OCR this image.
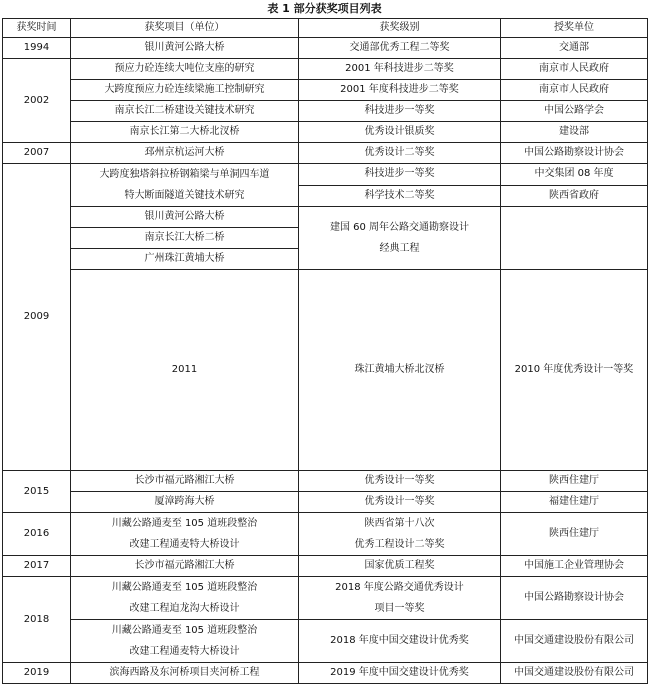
表 1 部分获奖项目列表
获奖时间	获奖项目（单位）	获奖级别	授奖单位	
1994	银川黄河公路大桥	交通部优秀工程二等奖	交通部	
2002	预应力砼连续大吨位支座的研究	2001 年科技进步二等奖	南京市人民政府	
	大跨度预应力砼连续梁施工控制研究	2001 年度科技进步二等奖	南京市人民政府	
	南京长江二桥建设关键技术研究	科技进步一等奖	中国公路学会	
	南京长江第二大桥北汊桥	优秀设计银质奖	建设部	
2007	邳州京杭运河大桥	优秀设计二等奖	中国公路勘察设计协会	
2009	大跨度独塔斜拉桥钢箱梁与单洞四车道
特大断面隧道关键技术研究	科技进步一等奖	中交集团 08 年度	
		科学技术二等奖	陕西省政府	
	银川黄河公路大桥	建国 60 周年公路交通勘察设计
经典工程		

	南京长江大桥二桥			
	广州珠江黄埔大桥			
	2011	珠江黄埔大桥北汊桥	2010 年度优秀设计一等奖	
2015	长沙市福元路湘江大桥	优秀设计一等奖	陕西住建厅	
	厦漳跨海大桥	优秀设计一等奖	福建住建厅	
2016	川藏公路通麦至 105 道班段整治
改建工程通麦特大桥设计	陕西省第十八次
优秀工程设计二等奖	陕西住建厅	
2017	长沙市福元路湘江大桥	国家优质工程奖	中国施工企业管理协会	
2018	川藏公路通麦至 105 道班段整治
改建工程迫龙沟大桥设计	2018 年度公路交通优秀设计
项目一等奖	中国公路勘察设计协会	

	川藏公路通麦至 105 道班段整治
改建工程通麦特大桥设计	2018 年度中国交建设计优秀奖	中国交通建设股份有限公司	
2019	滨海西路及东河桥项目夹河桥工程	2019 年度中国交建设计优秀奖	中国交通建设股份有限公司	
